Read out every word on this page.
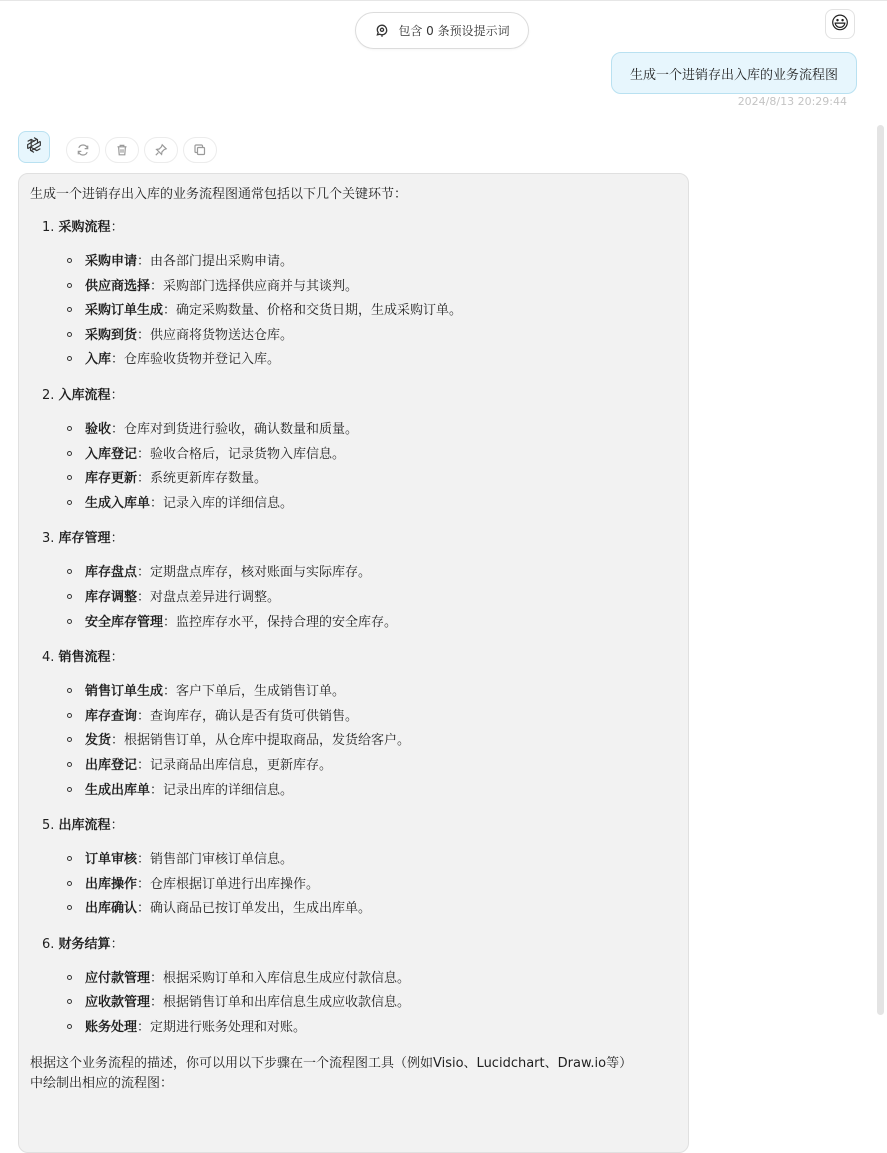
包含 0 条预设提示词	😃
生成一个进销存出入库的业务流程图
2024/8/13 20:29:44
生成一个进销存出入库的业务流程图通常包括以下几个关键环节：
1. 采购流程：
采购申请：由各部门提出采购申请。
供应商选择：采购部门选择供应商并与其谈判。
采购订单生成：确定采购数量、价格和交货日期，生成采购订单。
采购到货：供应商将货物送达仓库。
入库：仓库验收货物并登记入库。
2. 入库流程：
验收：仓库对到货进行验收，确认数量和质量。
入库登记：验收合格后，记录货物入库信息。
库存更新：系统更新库存数量。
生成入库单：记录入库的详细信息。
3. 库存管理：
库存盘点：定期盘点库存，核对账面与实际库存。
库存调整：对盘点差异进行调整。
安全库存管理：监控库存水平，保持合理的安全库存。
4. 销售流程：
销售订单生成：客户下单后，生成销售订单。
库存查询：查询库存，确认是否有货可供销售。
发货：根据销售订单，从仓库中提取商品，发货给客户。
出库登记：记录商品出库信息，更新库存。
生成出库单：记录出库的详细信息。
5. 出库流程：
订单审核：销售部门审核订单信息。
出库操作：仓库根据订单进行出库操作。
出库确认：确认商品已按订单发出，生成出库单。
6. 财务结算：
应付款管理：根据采购订单和入库信息生成应付款信息。
应收款管理：根据销售订单和出库信息生成应收款信息。
账务处理：定期进行账务处理和对账。
根据这个业务流程的描述，你可以用以下步骤在一个流程图工具（例如Visio、Lucidchart、Draw.io等）
中绘制出相应的流程图：
